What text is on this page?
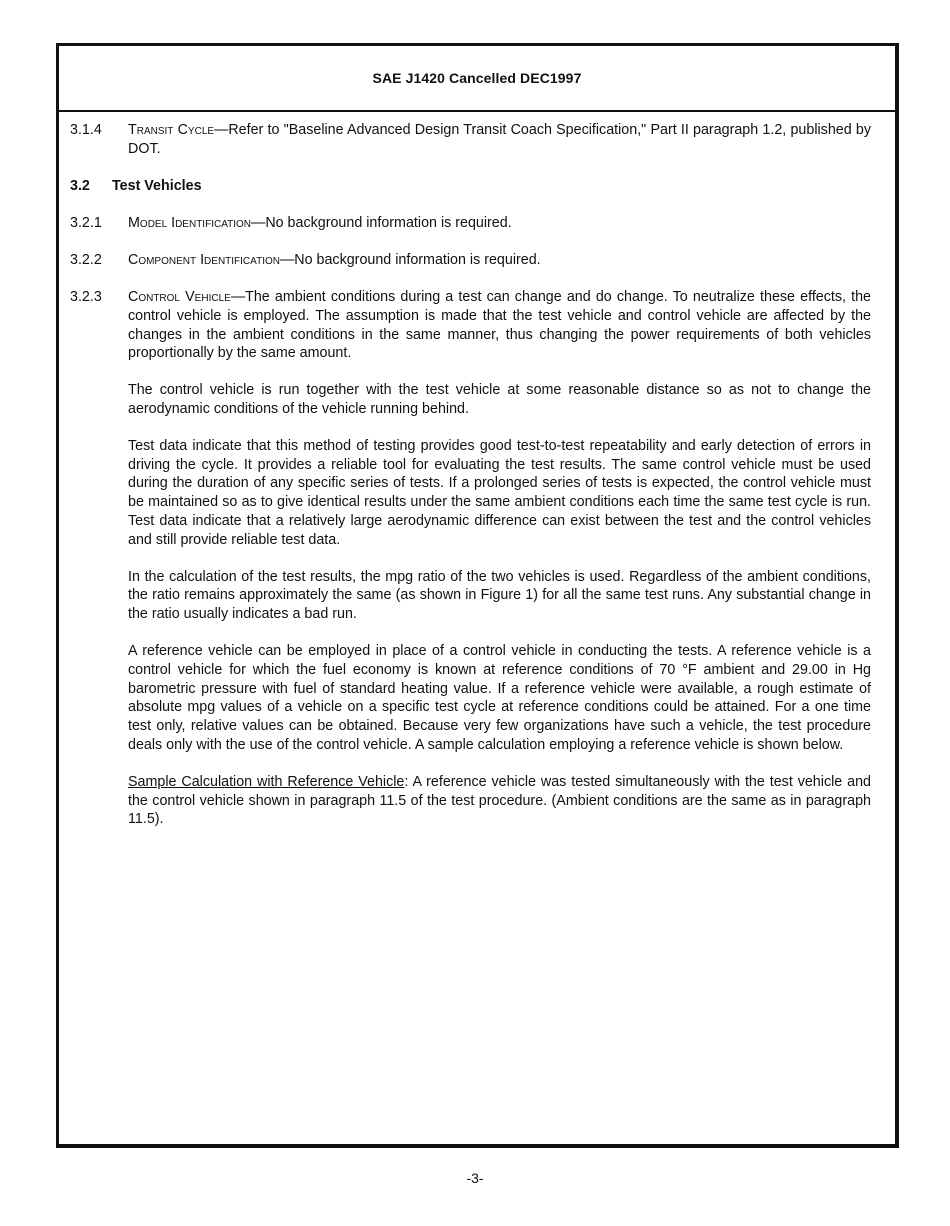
SAE J1420 Cancelled DEC1997
3.1.4 Transit Cycle—Refer to "Baseline Advanced Design Transit Coach Specification," Part II paragraph 1.2, published by DOT.
3.2 Test Vehicles
3.2.1 Model Identification—No background information is required.
3.2.2 Component Identification—No background information is required.
3.2.3 Control Vehicle—The ambient conditions during a test can change and do change. To neutralize these effects, the control vehicle is employed. The assumption is made that the test vehicle and control vehicle are affected by the changes in the ambient conditions in the same manner, thus changing the power requirements of both vehicles proportionally by the same amount.
The control vehicle is run together with the test vehicle at some reasonable distance so as not to change the aerodynamic conditions of the vehicle running behind.
Test data indicate that this method of testing provides good test-to-test repeatability and early detection of errors in driving the cycle. It provides a reliable tool for evaluating the test results. The same control vehicle must be used during the duration of any specific series of tests. If a prolonged series of tests is expected, the control vehicle must be maintained so as to give identical results under the same ambient conditions each time the same test cycle is run. Test data indicate that a relatively large aerodynamic difference can exist between the test and the control vehicles and still provide reliable test data.
In the calculation of the test results, the mpg ratio of the two vehicles is used. Regardless of the ambient conditions, the ratio remains approximately the same (as shown in Figure 1) for all the same test runs. Any substantial change in the ratio usually indicates a bad run.
A reference vehicle can be employed in place of a control vehicle in conducting the tests. A reference vehicle is a control vehicle for which the fuel economy is known at reference conditions of 70 °F ambient and 29.00 in Hg barometric pressure with fuel of standard heating value. If a reference vehicle were available, a rough estimate of absolute mpg values of a vehicle on a specific test cycle at reference conditions could be attained. For a one time test only, relative values can be obtained. Because very few organizations have such a vehicle, the test procedure deals only with the use of the control vehicle. A sample calculation employing a reference vehicle is shown below.
Sample Calculation with Reference Vehicle: A reference vehicle was tested simultaneously with the test vehicle and the control vehicle shown in paragraph 11.5 of the test procedure. (Ambient conditions are the same as in paragraph 11.5).
-3-
